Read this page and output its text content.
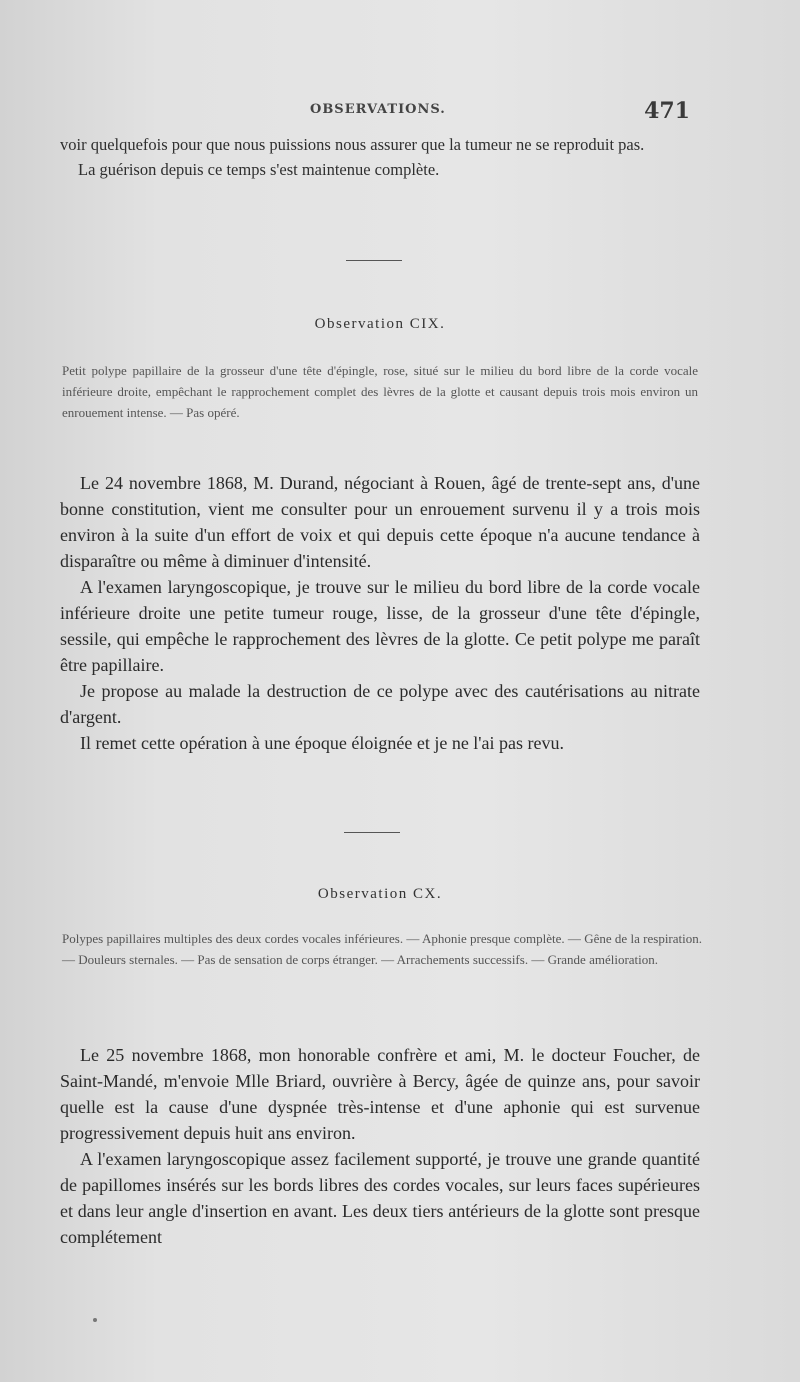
OBSERVATIONS.	471

voir quelquefois pour que nous puissions nous assurer que la tumeur ne se reproduit pas.

La guérison depuis ce temps s'est maintenue complète.

Observation CIX.

Petit polype papillaire de la grosseur d'une tête d'épingle, rose, situé sur le milieu du bord libre de la corde vocale inférieure droite, empêchant le rapprochement complet des lèvres de la glotte et causant depuis trois mois environ un enrouement intense. — Pas opéré.

Le 24 novembre 1868, M. Durand, négociant à Rouen, âgé de trente-sept ans, d'une bonne constitution, vient me consulter pour un enrouement survenu il y a trois mois environ à la suite d'un effort de voix et qui depuis cette époque n'a aucune tendance à disparaître ou même à diminuer d'intensité.

A l'examen laryngoscopique, je trouve sur le milieu du bord libre de la corde vocale inférieure droite une petite tumeur rouge, lisse, de la grosseur d'une tête d'épingle, sessile, qui empêche le rapprochement des lèvres de la glotte. Ce petit polype me paraît être papillaire.

Je propose au malade la destruction de ce polype avec des cautérisations au nitrate d'argent.

Il remet cette opération à une époque éloignée et je ne l'ai pas revu.

Observation CX.

Polypes papillaires multiples des deux cordes vocales inférieures. — Aphonie presque complète. — Gêne de la respiration. — Douleurs sternales. — Pas de sensation de corps étranger. — Arrachements successifs. — Grande amélioration.

Le 25 novembre 1868, mon honorable confrère et ami, M. le docteur Foucher, de Saint-Mandé, m'envoie Mlle Briard, ouvrière à Bercy, âgée de quinze ans, pour savoir quelle est la cause d'une dyspnée très-intense et d'une aphonie qui est survenue progressivement depuis huit ans environ.

A l'examen laryngoscopique assez facilement supporté, je trouve une grande quantité de papillomes insérés sur les bords libres des cordes vocales, sur leurs faces supérieures et dans leur angle d'insertion en avant. Les deux tiers antérieurs de la glotte sont presque complétement
